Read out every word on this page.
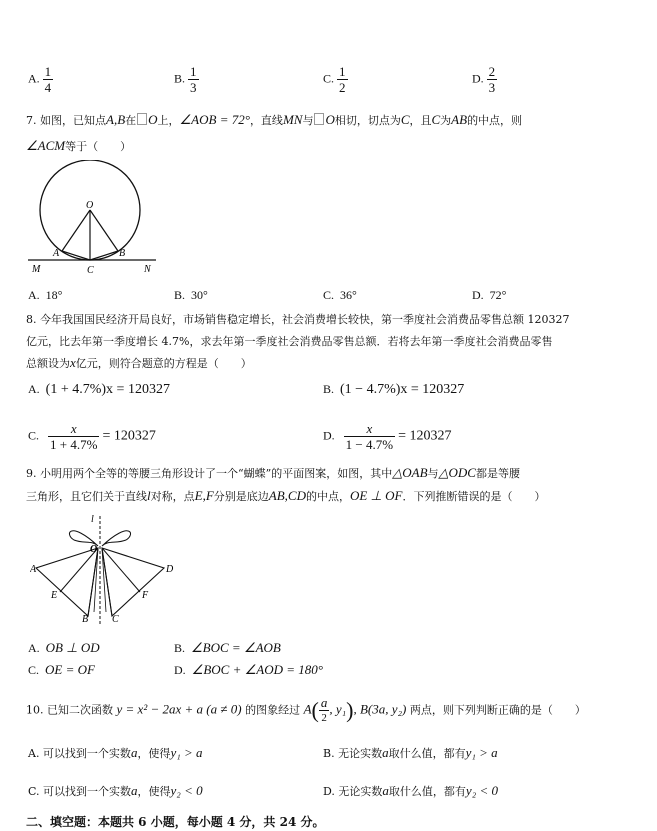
A. $\frac{1}{4}$	B. $\frac{1}{3}$	C. $\frac{1}{2}$	D. $\frac{2}{3}$
7. 如图，已知点A,B在 O上，∠AOB = 72°，直线MN与 O相切，切点为C，且C为AB的中点，则
∠ACM等于（　　）
O
A	B
M	C	N
A. 18°	B. 30°	C. 36°	D. 72°
8. 今年我国国民经济开局良好，市场销售稳定增长，社会消费增长较快，第一季度社会消费品零售总额 120327
亿元，比去年第一季度增长 4.7%，求去年第一季度社会消费品零售总额．若将去年第一季度社会消费品零售
总额设为x亿元，则符合题意的方程是（　　）
A. (1 + 4.7%)x = 120327	B. (1 − 4.7%)x = 120327
C. $\frac{x}{1 + 4.7\%} = 120327$	D. $\frac{x}{1 - 4.7\%} = 120327$
9. 小明用两个全等的等腰三角形设计了一个“蝴蝶”的平面图案，如图，其中△OAB与△ODC都是等腰
三角形，且它们关于直线l对称，点E,F分别是底边AB,CD的中点，OE ⊥ OF．下列推断错误的是（　　）
l
O
A	D
E	F
B C
A. OB ⊥ OD	B. ∠BOC = ∠AOB
C. OE = OF	D. ∠BOC + ∠AOD = 180°
10. 已知二次函数 y = x² − 2ax + a (a ≠ 0) 的图象经过 $A( \frac{a}{2}$ , y₁), B(3a, y₂) 两点，则下列判断正确的是（　　）
A. 可以找到一个实数a，使得y₁ > a	B. 无论实数a取什么值，都有y₁ > a
C. 可以找到一个实数a，使得y₂ < 0	D. 无论实数a取什么值，都有y₂ < 0
二、填空题：本题共 6 小题，每小题 4 分，共 24 分。
